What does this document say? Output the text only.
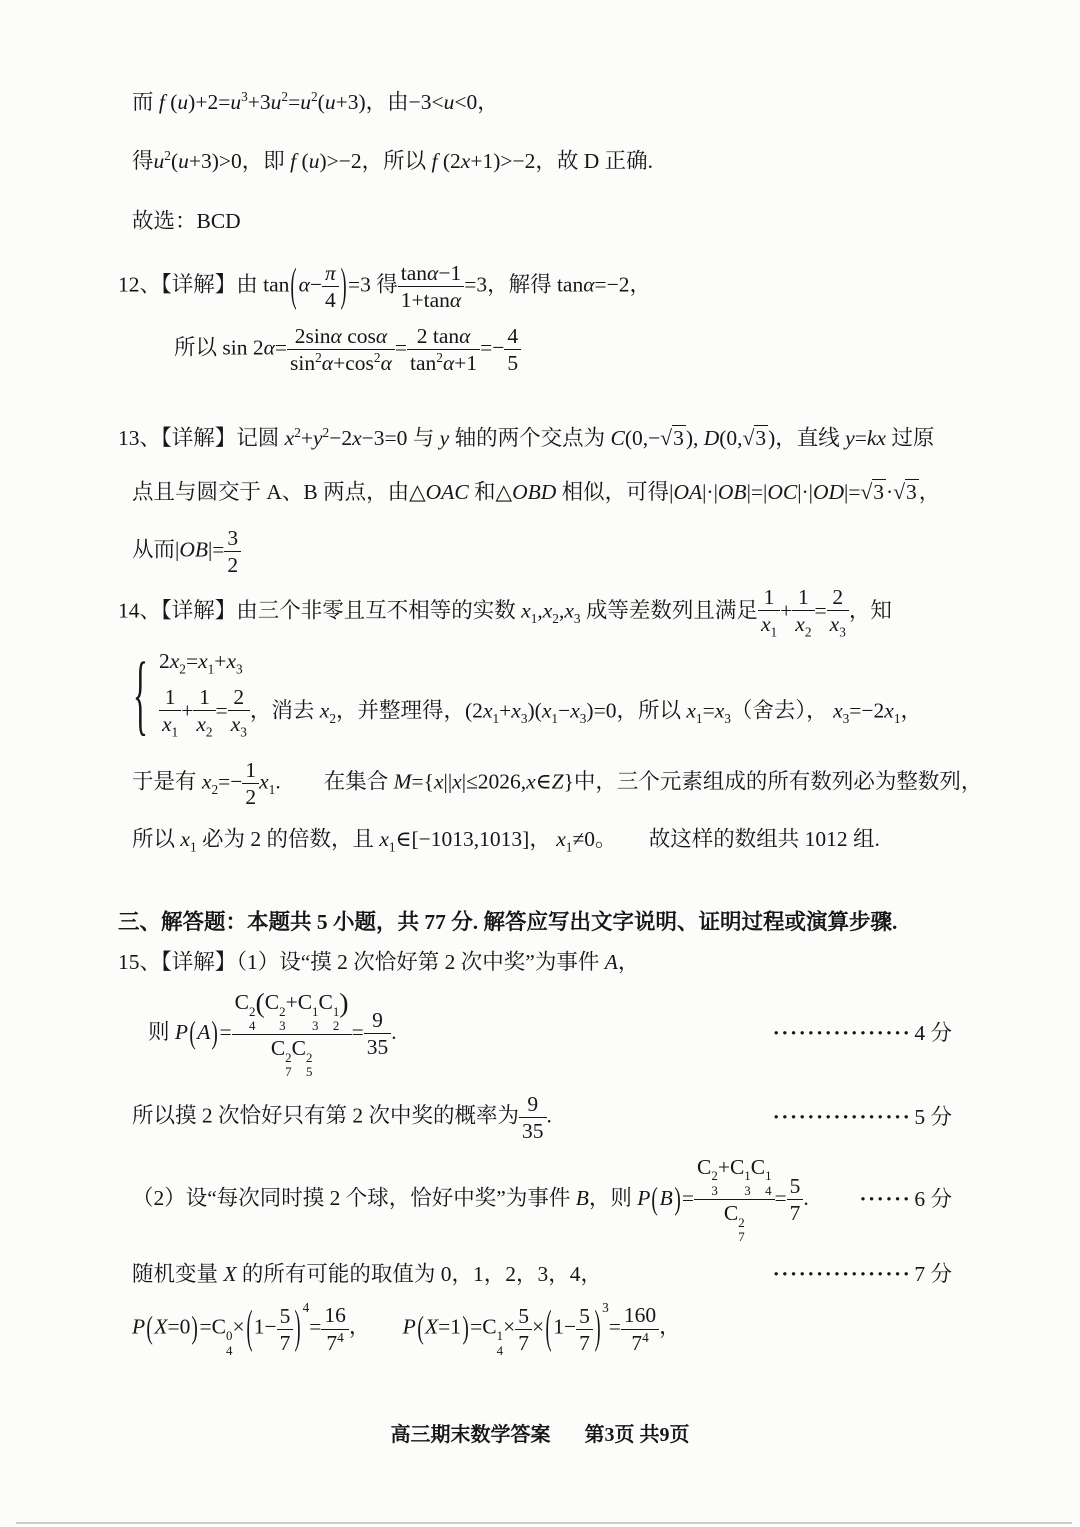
而 f $(u)+2=u^3+3u^2=u^2(u+3)$，由−3<u<0，
得$u^2(u+3)>0$，即 f (u)>−2，所以 f (2x+1)>−2，故 D 正确.
故选：BCD
12、【详解】由 $\tan(\alpha- \frac{\pi}{4} )=3$ 得 $\frac{\tan\alpha-1}{1+\tan\alpha} =3$，解得 tanα=−2，
所以 $\sin 2\alpha= \frac{\text{2sinα cosα}}{\sin^2\alpha+\cos^2\alpha} = \frac{2 \tan\alpha}{\tan^2\alpha+1} =- \frac{4}{5}$
13、【详解】记圆 $x^2+y^2-2x-3=0$ 与 y 轴的两个交点为 C(0,−√3), D(0,√3)，直线 y=kx 过原
点且与圆交于 A、B 两点，由△OAC 和△OBD 相似，可得|OA|·|OB|=|OC|·|OD|=√3·√3，
从而$|OB|= \frac{3}{2}$
14、【详解】由三个非零且互不相等的实数 $x_1,x_2,x_3$ 成等差数列且满足 $\frac{1}{x_1} + \frac{1}{x_2} = \frac{2}{x_3}$ ，知
{ $2x_2=x_1+x_3$
$\frac{1}{x_1} + \frac{1}{x_2} = \frac{2}{x_3}$ ，消去 $x_2$，并整理得，$(2x_1+x_3)(x_1-x_3)=0$，所以 $x_1=x_3$（舍去）， $x_3=-2x_1$，
于是有 $x_2=- \frac{1}{2} x_1$.　　在集合 M={x||x|≤2026,x∈Z}中，三个元素组成的所有数列必为整数列，
所以 $x_1$ 必为 2 的倍数，且 $x_1\in[-1013,1013]$， $x_1\ne 0$。　　故这样的数组共 1012 组.
三、解答题：本题共 5 小题，共 77 分. 解答应写出文字说明、证明过程或演算步骤.
15、【详解】（1）设“摸 2 次恰好第 2 次中奖”为事件 A，
则 P(A)= C 2
4
(C 2
3
+C 1
3
C 1
2
)
C 2
7
C 2
$5 = \frac{9}{35}$ .	················ 4 分
所以摸 2 次恰好只有第 2 次中奖的概率为 $\frac{9}{35}$ .	················ 5 分
（2）设“每次同时摸 2 个球，恰好中奖”为事件 B，则 P(B)= C 2
3
+C 1
3
C 1
4
C 2
$7 = \frac{5}{7}$ . ······ 6 分
随机变量 X 的所有可能的取值为 0，1，2，3，4，	················ 7 分
P(X=0)=C 0
4
$\times(1- \frac{5}{7}$ ) $^4= \frac{16}{7^4}$ ，　　P(X=1)=C 1
4
× $\frac{5}{7} \times(1- \frac{5}{7}$ ) $^3= \frac{160}{7^4}$ ，
高三期末数学答案 第3页 共9页
